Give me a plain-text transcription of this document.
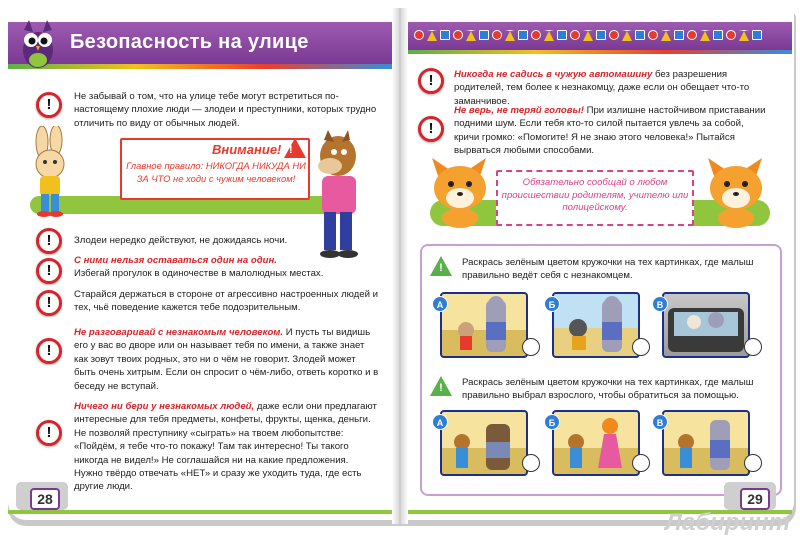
Безопасность на улице
!
Не забывай о том, что на улице тебе могут встретиться по-настоящему плохие люди — злодеи и преступники, которых трудно отличить по виду от обычных людей.
Внимание! !
Главное правило: НИКОГДА НИКУДА НИ ЗА ЧТО не ходи с чужим человеком!
!
Злодеи нередко действуют, не дожидаясь ночи.
!
С ними нельзя оставаться один на один.
Избегай прогулок в одиночестве в малолюдных местах.
!
Старайся держаться в стороне от агрессивно настроенных людей и тех, чьё поведение кажется тебе подозрительным.
!
Не разговаривай с незнакомым человеком. И пусть ты видишь его у вас во дворе или он называет тебя по имени, а также знает как зовут твоих родных, это ни о чём не говорит. Злодей может быть очень хитрым. Если он спросит о чём-либо, ответь коротко и в беседу не вступай.
!
Ничего ни бери у незнакомых людей, даже если они предлагают интересные для тебя предметы, конфеты, фрукты, щенка, деньги. Не позволяй преступнику «сыграть» на твоем любопытстве: «Пойдём, я тебе что-то покажу! Там так интересно! Ты такого никогда не видел!» Не соглашайся ни на какие предложения. Нужно твёрдо отвечать «НЕТ» и сразу же уходить туда, где есть другие люди.
28
!
Никогда не садись в чужую автомашину без разрешения родителей, тем более к незнакомцу, даже если он обещает что-то заманчивое.
!
Не верь, не теряй головы! При излишне настойчивом приставании подними шум. Если тебя кто-то силой пытается увлечь за собой, кричи громко: «Помогите! Я не знаю этого человека!» Пытайся вырваться любыми способами.
Обязательно сообщай о любом происшествии родителям, учителю или полицейскому.
!	Раскрась зелёным цветом кружочки на тех картинках, где малыш правильно ведёт себя с незнакомцем.
А	Б	В
!	Раскрась зелёным цветом кружочки на тех картинках, где малыш правильно выбрал взрослого, чтобы обратиться за помощью.
А	Б	В
29
Лабиринт
